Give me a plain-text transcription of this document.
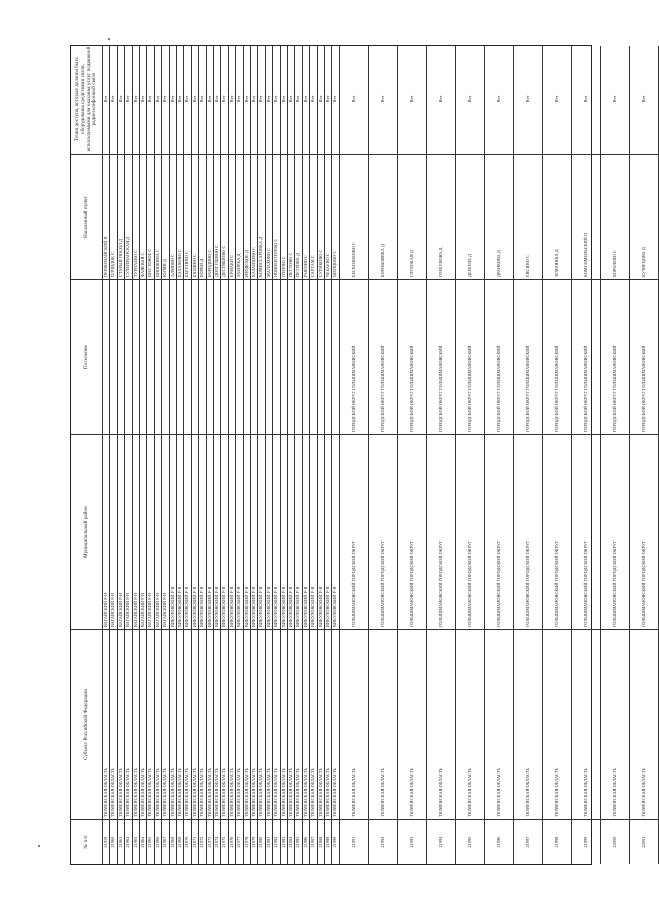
№ п/п
Субъект Российской Федерации
Муниципальный район
Поселение
Населенный пункт
Точки доступа, которые должны быть оборудованы средствами связи, используемыми для оказания услуг подвижной радиотелефонной связи
21959
ТЮМЕНСКАЯ ОБЛАСТЬ
ВАГАЙСКИЙ Р-Н
ПЕРВОМАЙСКИЙ П
Нет
21960
ТЮМЕНСКАЯ ОБЛАСТЬ
ВАГАЙСКИЙ Р-Н
ПЛЧИДОК С
Нет
21961
ТЮМЕНСКАЯ ОБЛАСТЬ
ВАГАЙСКИЙ Р-Н
СТАРЫЙ ПОСОЛ Д
Нет
21962
ТЮМЕНСКАЯ ОБЛАСТЬ
ВАГАЙСКИЙ Р-Н
СУЛЕЙМАНСКАЯ Д
Нет
21963
ТЮМЕНСКАЯ ОБЛАСТЬ
ВАГАЙСКИЙ Р-Н
ТУРНАЕВО С
Нет
21964
ТЮМЕНСКАЯ ОБЛАСТЬ
ВАГАЙСКИЙ Р-Н
ФАЯЕВАЯ С
Нет
21965
ТЮМЕНСКАЯ ОБЛАСТЬ
ВАГАЙСКИЙ Р-Н
ШЕСТОВОЕ С
Нет
21966
ТЮМЕНСКАЯ ОБЛАСТЬ
ВАГАЙСКИЙ Р-Н
ШИШКИНА С
Нет
21967
ТЮМЕНСКАЯ ОБЛАСТЬ
ВАГАЙСКИЙ Р-Н
ЮРМИ Д
Нет
21968
ТЮМЕНСКАЯ ОБЛАСТЬ
ВИКУЛОВСКИЙ Р-Н
АЛМОВО С
Нет
21969
ТЮМЕНСКАЯ ОБЛАСТЬ
ВИКУЛОВСКИЙ Р-Н
БАЛАХОВО С
Нет
21970
ТЮМЕНСКАЯ ОБЛАСТЬ
ВИКУЛОВСКИЙ Р-Н
БЕРЕЗИНО С
Нет
21971
ТЮМЕНСКАЯ ОБЛАСТЬ
ВИКУЛОВСКИЙ Р-Н
БЮЛИНО С
Нет
21972
ТЮМЕНСКАЯ ОБЛАСТЬ
ВИКУЛОВСКИЙ Р-Н
БОРКИ Д
Нет
21973
ТЮМЕНСКАЯ ОБЛАСТЬ
ВИКУЛОВСКИЙ Р-Н
БОРОДИНО С
Нет
21974
ТЮМЕНСКАЯ ОБЛАСТЬ
ВИКУЛОВСКИЙ Р-Н
ДОЛГУШИНО С
Нет
21975
ТЮМЕНСКАЯ ОБЛАСТЬ
ВИКУЛОВСКИЙ Р-Н
ДЕСТЯШОВО С
Нет
21976
ТЮМЕНСКАЯ ОБЛАСТЬ
ВИКУЛОВСКИЙ Р-Н
ЕРМАКИ С
Нет
21977
ТЮМЕНСКАЯ ОБЛАСТЬ
ВИКУЛОВСКИЙ Р-Н
ЗАБОРКА Д
Нет
21978
ТЮМЕНСКАЯ ОБЛАСТЬ
ВИКУЛОВСКИЙ Р-Н
ИЗОВСКОЕ Д
Нет
21979
ТЮМЕНСКАЯ ОБЛАСТЬ
ВИКУЛОВСКИЙ Р-Н
КАЗАНЦЕВО С
Нет
21980
ТЮМЕНСКАЯ ОБЛАСТЬ
ВИКУЛОВСКИЙ Р-Н
КОМИССАРОВКА Д
Нет
21981
ТЮМЕНСКАЯ ОБЛАСТЬ
ВИКУЛОВСКИЙ Р-Н
МАЛАХОВО С
Нет
21982
ТЮМЕНСКАЯ ОБЛАСТЬ
ВИКУЛОВСКИЙ Р-Н
НОВОБИТЕРЕВО С
Нет
21983
ТЮМЕНСКАЯ ОБЛАСТЬ
ВИКУЛОВСКИЙ Р-Н
ОЗЕРНО С
Нет
21984
ТЮМЕНСКАЯ ОБЛАСТЬ
ВИКУЛОВСКИЙ Р-Н
ПЕСТОВО С
Нет
21985
ТЮМЕНСКАЯ ОБЛАСТЬ
ВИКУЛОВСКИЙ Р-Н
ПЕТРОВА Д
Нет
21986
ТЮМЕНСКАЯ ОБЛАСТЬ
ВИКУЛОВСКИЙ Р-Н
РЫБОНО С
Нет
21987
ТЮМЕНСКАЯ ОБЛАСТЬ
ВИКУЛОВСКИЙ Р-Н
САРТАМ С
Нет
21988
ТЮМЕНСКАЯ ОБЛАСТЬ
ВИКУЛОВСКИЙ Р-Н
СУРИКОВО С
Нет
21989
ТЮМЕНСКАЯ ОБЛАСТЬ
ВИКУЛОВСКИЙ Р-Н
ЧЕБАЕВО С
Нет
21990
ТЮМЕНСКАЯ ОБЛАСТЬ
ВИКУЛОВСКИЙ Р-Н
ШЕНЦОВО С
Нет
21991
ТЮМЕНСКАЯ ОБЛАСТЬ
ГОЛЫШМАНОВСКИЙ ГОРОДСКОЙ ОКРУГ
ГОРОДСКОЙ ОКРУГ ГОЛЫШМАНОВСКИЙ
БЕСКОЗОБОВО С
Нет
21992
ТЮМЕНСКАЯ ОБЛАСТЬ
ГОЛЫШМАНОВСКИЙ ГОРОДСКОЙ ОКРУГ
ГОРОДСКОЙ ОКРУГ ГОЛЫШМАНОВСКИЙ
БОРОВЛЯНКА Д
Нет
21993
ТЮМЕНСКАЯ ОБЛАСТЬ
ГОЛЫШМАНОВСКИЙ ГОРОДСКОЙ ОКРУГ
ГОРОДСКОЙ ОКРУГ ГОЛЫШМАНОВСКИЙ
ГЛУБОКАЯ Д
Нет
21994
ТЮМЕНСКАЯ ОБЛАСТЬ
ГОЛЫШМАНОВСКИЙ ГОРОДСКОЙ ОКРУГ
ГОРОДСКОЙ ОКРУГ ГОЛЫШМАНОВСКИЙ
ГОРБУНОВА Д
Нет
21995
ТЮМЕНСКАЯ ОБЛАСТЬ
ГОЛЫШМАНОВСКИЙ ГОРОДСКОЙ ОКРУГ
ГОРОДСКОЙ ОКРУГ ГОЛЫШМАНОВСКИЙ
ДЕРБЕНЬ Д
Нет
21996
ТЮМЕНСКАЯ ОБЛАСТЬ
ГОЛЫШМАНОВСКИЙ ГОРОДСКОЙ ОКРУГ
ГОРОДСКОЙ ОКРУГ ГОЛЫШМАНОВСКИЙ
ДРАНКОВА Д
Нет
21997
ТЮМЕНСКАЯ ОБЛАСТЬ
ГОЛЫШМАНОВСКИЙ ГОРОДСКОЙ ОКРУГ
ГОРОДСКОЙ ОКРУГ ГОЛЫШМАНОВСКИЙ
ЕВСИНО С
Нет
21998
ТЮМЕНСКАЯ ОБЛАСТЬ
ГОЛЫШМАНОВСКИЙ ГОРОДСКОЙ ОКРУГ
ГОРОДСКОЙ ОКРУГ ГОЛЫШМАНОВСКИЙ
ЗЕМЛЯНКА Д
Нет
21999
ТЮМЕНСКАЯ ОБЛАСТЬ
ГОЛЫШМАНОВСКИЙ ГОРОДСКОЙ ОКРУГ
ГОРОДСКОЙ ОКРУГ ГОЛЫШМАНОВСКИЙ
КОМСОМОЛЬСКИЙ П
Нет
22000
ТЮМЕНСКАЯ ОБЛАСТЬ
ГОЛЫШМАНОВСКИЙ ГОРОДСКОЙ ОКРУГ
ГОРОДСКОЙ ОКРУГ ГОЛЫШМАНОВСКИЙ
КОРОЛЕВО С
Нет
22001
ТЮМЕНСКАЯ ОБЛАСТЬ
ГОЛЫШМАНОВСКИЙ ГОРОДСКОЙ ОКРУГ
ГОРОДСКОЙ ОКРУГ ГОЛЫШМАНОВСКИЙ
КУЗНЕЦОВА Д
Нет
